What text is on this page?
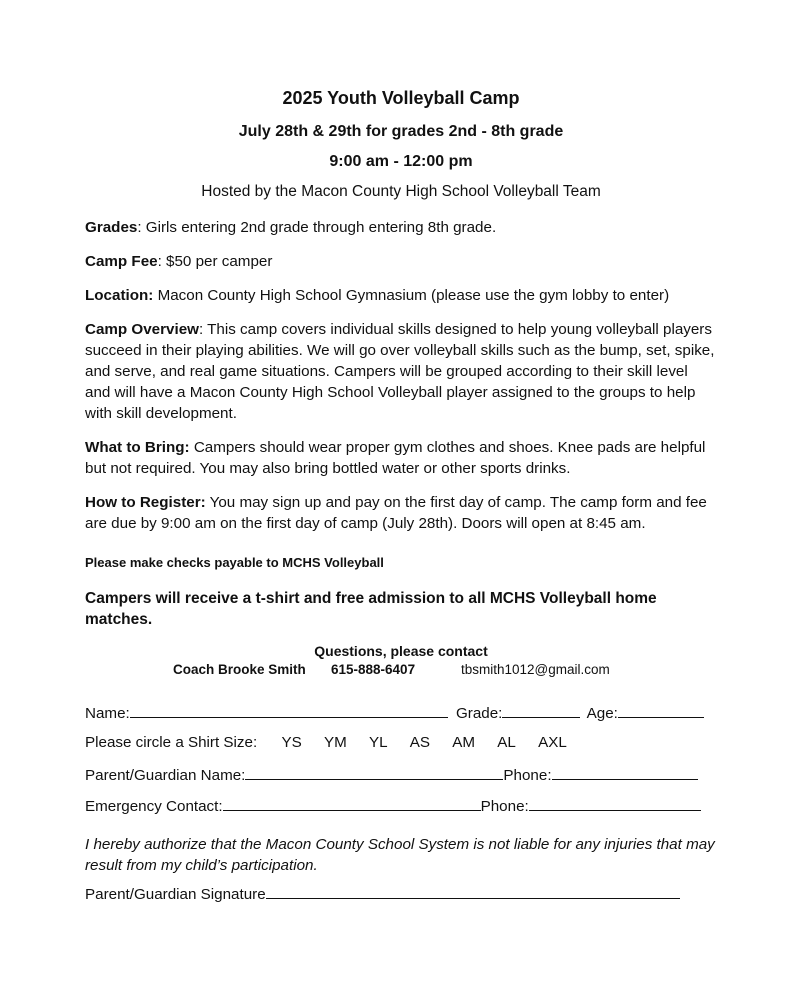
2025 Youth Volleyball Camp
July 28th & 29th for grades 2nd - 8th grade
9:00 am - 12:00 pm
Hosted by the Macon County High School Volleyball Team
Grades: Girls entering 2nd grade through entering 8th grade.
Camp Fee: $50 per camper
Location: Macon County High School Gymnasium (please use the gym lobby to enter)
Camp Overview: This camp covers individual skills designed to help young volleyball players succeed in their playing abilities. We will go over volleyball skills such as the bump, set, spike, and serve, and real game situations. Campers will be grouped according to their skill level and will have a Macon County High School Volleyball player assigned to the groups to help with skill development.
What to Bring: Campers should wear proper gym clothes and shoes. Knee pads are helpful but not required. You may also bring bottled water or other sports drinks.
How to Register: You may sign up and pay on the first day of camp. The camp form and fee are due by 9:00 am on the first day of camp (July 28th). Doors will open at 8:45 am.
Please make checks payable to MCHS Volleyball
Campers will receive a t-shirt and free admission to all MCHS Volleyball home matches.
Questions, please contact
Coach Brooke Smith 615-888-6407	tbsmith1012@gmail.com
Name:	Grade:	Age:
Please circle a Shirt Size: YS YM YL AS AM AL AXL
Parent/Guardian Name:	Phone:
Emergency Contact:	Phone:
I hereby authorize that the Macon County School System is not liable for any injuries that may result from my child’s participation.
Parent/Guardian Signature
